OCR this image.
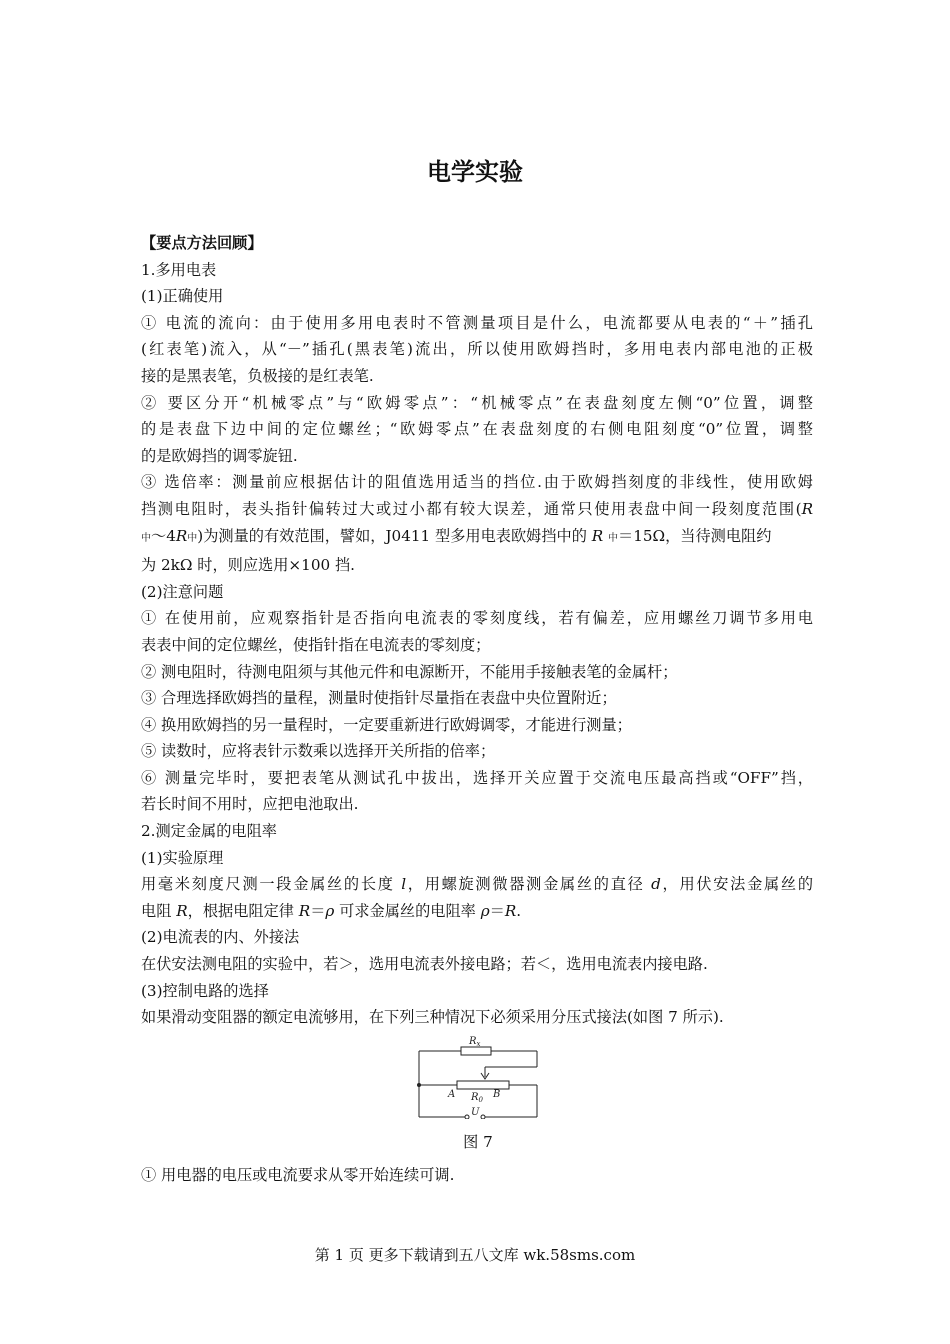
电学实验
【要点方法回顾】
1.多用电表
(1)正确使用
① 电流的流向：由于使用多用电表时不管测量项目是什么，电流都要从电表的“＋”插孔
(红表笔)流入，从“－”插孔(黑表笔)流出，所以使用欧姆挡时，多用电表内部电池的正极
接的是黑表笔，负极接的是红表笔.
② 要区分开“机械零点”与“欧姆零点”：“机械零点”在表盘刻度左侧“0”位置，调整
的是表盘下边中间的定位螺丝；“欧姆零点”在表盘刻度的右侧电阻刻度“0”位置，调整
的是欧姆挡的调零旋钮.
③ 选倍率：测量前应根据估计的阻值选用适当的挡位.由于欧姆挡刻度的非线性，使用欧姆
挡测电阻时，表头指针偏转过大或过小都有较大误差，通常只使用表盘中间一段刻度范围(R
中～4R中)为测量的有效范围，譬如，J0411 型多用电表欧姆挡中的 R 中＝15Ω，当待测电阻约
为 2kΩ 时，则应选用×100 挡.
(2)注意问题
① 在使用前，应观察指针是否指向电流表的零刻度线，若有偏差，应用螺丝刀调节多用电
表表中间的定位螺丝，使指针指在电流表的零刻度；
② 测电阻时，待测电阻须与其他元件和电源断开，不能用手接触表笔的金属杆；
③ 合理选择欧姆挡的量程，测量时使指针尽量指在表盘中央位置附近；
④ 换用欧姆挡的另一量程时，一定要重新进行欧姆调零，才能进行测量；
⑤ 读数时，应将表针示数乘以选择开关所指的倍率；
⑥ 测量完毕时，要把表笔从测试孔中拔出，选择开关应置于交流电压最高挡或“OFF”挡，
若长时间不用时，应把电池取出.
2.测定金属的电阻率
(1)实验原理
用毫米刻度尺测一段金属丝的长度 l，用螺旋测微器测金属丝的直径 d，用伏安法金属丝的
电阻 R，根据电阻定律 R＝ρ 可求金属丝的电阻率 ρ＝R.
(2)电流表的内、外接法
在伏安法测电阻的实验中，若＞，选用电流表外接电路；若＜，选用电流表内接电路.
(3)控制电路的选择
如果滑动变阻器的额定电流够用，在下列三种情况下必须采用分压式接法(如图 7 所示).
$R_x$
A $R_0$ B
U
图 7
① 用电器的电压或电流要求从零开始连续可调.
第 1 页 更多下载请到五八文库 wk.58sms.com
